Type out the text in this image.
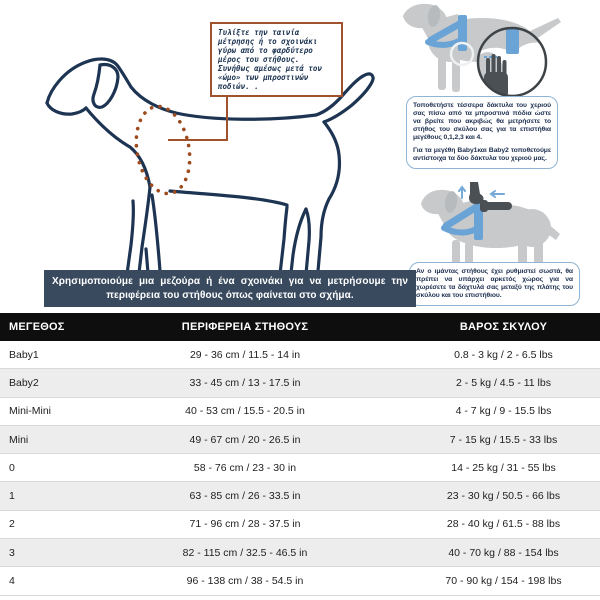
Τυλίξτε την ταινία μέτρησης ή το σχοινάκι γύρω από το φαρδύτερο μέρος του στήθους. Συνήθως αμέσως μετά τον «ώμο» των μπροστινών ποδιών. .

Τοποθετήστε τέσσερα δάκτυλα του χεριού σας πίσω από τα μπροστινά πόδια ώστε να βρείτε που ακριβώς θα μετρήσετε το στήθος του σκύλου σας για τα επιστήθια μεγέθους 0,1,2,3 και 4.

Για τα μεγέθη Baby1και Baby2 τοποθετούμε αντίστοιχα τα δύο δάκτυλα του χεριού μας.

Αν ο ιμάντας στήθους έχει ρυθμιστεί σωστά, θα πρέπει να υπάρχει αρκετός χώρος για να χωρέσετε τα δάχτυλά σας μεταξύ της πλάτης του σκύλου και του επιστήθιου.

Χρησιμοποιούμε μια μεζούρα ή ένα σχοινάκι για να μετρήσουμε την περιφέρεια του στήθους όπως φαίνεται στο σχήμα.
ΜΕΓΕΘΟΣ	ΠΕΡΙΦΕΡΕΙΑ ΣΤΗΘΟΥΣ	ΒΑΡΟΣ ΣΚΥΛΟΥ
Baby1	29 - 36 cm / 11.5 - 14 in	0.8 - 3 kg / 2 - 6.5 lbs
Baby2	33 - 45 cm / 13 - 17.5 in	2 - 5 kg / 4.5 - 11 lbs
Mini-Mini	40 - 53 cm / 15.5 - 20.5 in	4 - 7 kg / 9 - 15.5 lbs
Mini	49 - 67 cm / 20 - 26.5 in	7 - 15 kg / 15.5 - 33 lbs
0	58 - 76 cm / 23 - 30 in	14 - 25 kg / 31 - 55 lbs
1	63 - 85 cm / 26 - 33.5 in	23 - 30 kg / 50.5 - 66 lbs
2	71 - 96 cm / 28 - 37.5 in	28 - 40 kg / 61.5 - 88 lbs
3	82 - 115 cm / 32.5 - 46.5 in	40 - 70 kg / 88 - 154 lbs
4	96 - 138 cm / 38 - 54.5 in	70 - 90 kg / 154 - 198 lbs
